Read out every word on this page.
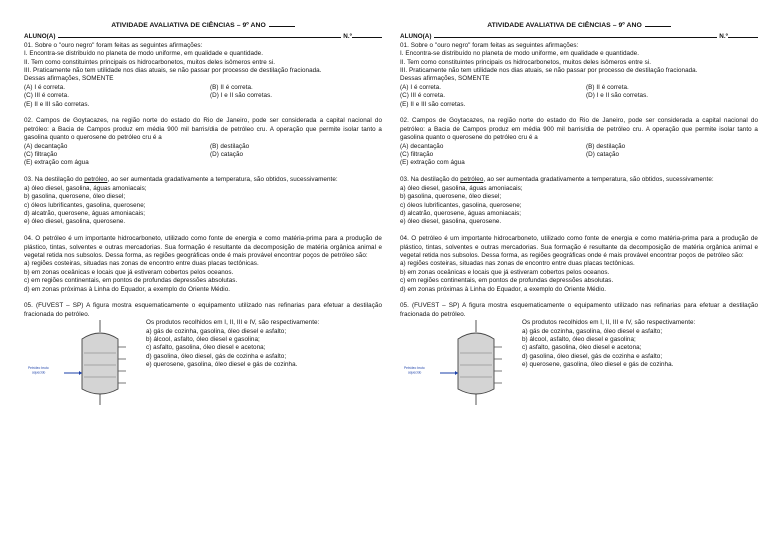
ATIVIDADE AVALIATIVA DE CIÊNCIAS – 9º ANO
ALUNO(A)	N.º

01. Sobre o "ouro negro" foram feitas as seguintes afirmações:

I. Encontra-se distribuído no planeta de modo uniforme, em qualidade e quantidade.

II. Tem como constituintes principais os hidrocarbonetos, muitos deles isômeros entre si.

III. Praticamente não tem utilidade nos dias atuais, se não passar por processo de destilação fracionada.

Dessas afirmações, SOMENTE

(A) I é correta.	(B) II é correta.
(C) III é correta.	(D) I e II são corretas.
(E) II e III são corretas.

02. Campos de Goytacazes, na região norte do estado do Rio de Janeiro, pode ser considerada a capital nacional do petróleo: a Bacia de Campos produz em média 900 mil barris/dia de petróleo cru. A operação que permite isolar tanto a gasolina quanto o querosene do petróleo cru é a

(A) decantação	(B) destilação
(C) filtração	(D) catação
(E) extração com água

03. Na destilação do petróleo, ao ser aumentada gradativamente a temperatura, são obtidos, sucessivamente:

a) óleo diesel, gasolina, águas amoniacais;

b) gasolina, querosene, óleo diesel;

c) óleos lubrificantes, gasolina, querosene;

d) alcatrão, querosene, águas amoniacais;

e) óleo diesel, gasolina, querosene.

04. O petróleo é um importante hidrocarboneto, utilizado como fonte de energia e como matéria-prima para a produção de plástico, tintas, solventes e outras mercadorias. Sua formação é resultante da decomposição de matéria orgânica animal e vegetal retida nos subsolos. Dessa forma, as regiões geográficas onde é mais provável encontrar poços de petróleo são:

a) regiões costeiras, situadas nas zonas de encontro entre duas placas tectônicas.

b) em zonas oceânicas e locais que já estiveram cobertos pelos oceanos.

c) em regiões continentais, em pontos de profundas depressões absolutas.

d) em zonas próximas à Linha do Equador, a exemplo do Oriente Médio.

05. (FUVEST – SP) A figura mostra esquematicamente o equipamento utilizado nas refinarias para efetuar a destilação fracionada do petróleo.

Petróleo bruto
aquecido

Os produtos recolhidos em I, II, III e IV, são respectivamente:

a) gás de cozinha, gasolina, óleo diesel e asfalto;

b) álcool, asfalto, óleo diesel e gasolina;

c) asfalto, gasolina, óleo diesel e acetona;

d) gasolina, óleo diesel, gás de cozinha e asfalto;

e) querosene, gasolina, óleo diesel e gás de cozinha.

ATIVIDADE AVALIATIVA DE CIÊNCIAS – 9º ANO
ALUNO(A)	N.º

01. Sobre o "ouro negro" foram feitas as seguintes afirmações:

I. Encontra-se distribuído no planeta de modo uniforme, em qualidade e quantidade.

II. Tem como constituintes principais os hidrocarbonetos, muitos deles isômeros entre si.

III. Praticamente não tem utilidade nos dias atuais, se não passar por processo de destilação fracionada.

Dessas afirmações, SOMENTE

(A) I é correta.	(B) II é correta.
(C) III é correta.	(D) I e II são corretas.
(E) II e III são corretas.

02. Campos de Goytacazes, na região norte do estado do Rio de Janeiro, pode ser considerada a capital nacional do petróleo: a Bacia de Campos produz em média 900 mil barris/dia de petróleo cru. A operação que permite isolar tanto a gasolina quanto o querosene do petróleo cru é a

(A) decantação	(B) destilação
(C) filtração	(D) catação
(E) extração com água

03. Na destilação do petróleo, ao ser aumentada gradativamente a temperatura, são obtidos, sucessivamente:

a) óleo diesel, gasolina, águas amoniacais;

b) gasolina, querosene, óleo diesel;

c) óleos lubrificantes, gasolina, querosene;

d) alcatrão, querosene, águas amoniacais;

e) óleo diesel, gasolina, querosene.

04. O petróleo é um importante hidrocarboneto, utilizado como fonte de energia e como matéria-prima para a produção de plástico, tintas, solventes e outras mercadorias. Sua formação é resultante da decomposição de matéria orgânica animal e vegetal retida nos subsolos. Dessa forma, as regiões geográficas onde é mais provável encontrar poços de petróleo são:

a) regiões costeiras, situadas nas zonas de encontro entre duas placas tectônicas.

b) em zonas oceânicas e locais que já estiveram cobertos pelos oceanos.

c) em regiões continentais, em pontos de profundas depressões absolutas.

d) em zonas próximas à Linha do Equador, a exemplo do Oriente Médio.

05. (FUVEST – SP) A figura mostra esquematicamente o equipamento utilizado nas refinarias para efetuar a destilação fracionada do petróleo.

Petróleo bruto
aquecido

Os produtos recolhidos em I, II, III e IV, são respectivamente:

a) gás de cozinha, gasolina, óleo diesel e asfalto;

b) álcool, asfalto, óleo diesel e gasolina;

c) asfalto, gasolina, óleo diesel e acetona;

d) gasolina, óleo diesel, gás de cozinha e asfalto;

e) querosene, gasolina, óleo diesel e gás de cozinha.
